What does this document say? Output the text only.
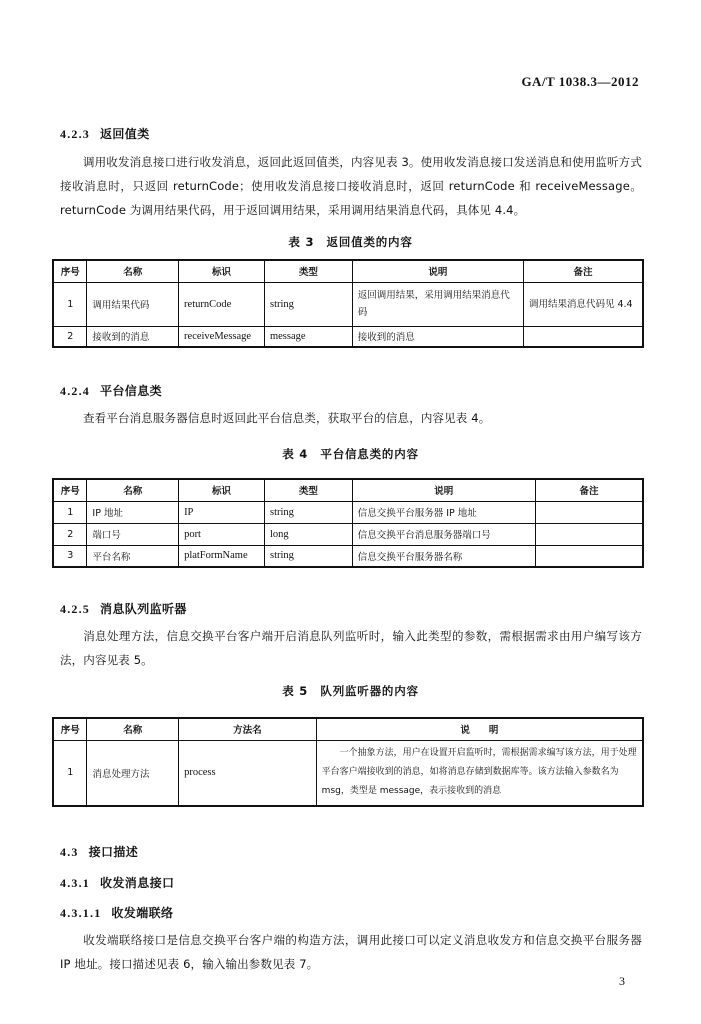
GA/T 1038.3—2012
4.2.3 返回值类
调用收发消息接口进行收发消息，返回此返回值类，内容见表 3。使用收发消息接口发送消息和使用监听方式接收消息时，只返回 returnCode；使用收发消息接口接收消息时，返回 returnCode 和 receiveMessage。returnCode 为调用结果代码，用于返回调用结果，采用调用结果消息代码，具体见 4.4。
表 3　返回值类的内容
序号	名称	标识	类型	说明	备注
1	调用结果代码	returnCode	string	返回调用结果，采用调用结果消息代码	调用结果消息代码见 4.4
2	接收到的消息	receiveMessage	message	接收到的消息	
4.2.4 平台信息类
查看平台消息服务器信息时返回此平台信息类，获取平台的信息，内容见表 4。
表 4　平台信息类的内容
序号	名称	标识	类型	说明	备注
1	IP 地址	IP	string	信息交换平台服务器 IP 地址	
2	端口号	port	long	信息交换平台消息服务器端口号	
3	平台名称	platFormName	string	信息交换平台服务器名称	
4.2.5 消息队列监听器
消息处理方法，信息交换平台客户端开启消息队列监听时，输入此类型的参数，需根据需求由用户编写该方法，内容见表 5。
表 5　队列监听器的内容
序号	名称	方法名	说　　明
1	消息处理方法	process	一个抽象方法，用户在设置开启监听时，需根据需求编写该方法，用于处理平台客户端接收到的消息，如将消息存储到数据库等。该方法输入参数名为 msg，类型是 message，表示接收到的消息
4.3 接口描述
4.3.1 收发消息接口
4.3.1.1 收发端联络
收发端联络接口是信息交换平台客户端的构造方法，调用此接口可以定义消息收发方和信息交换平台服务器 IP 地址。接口描述见表 6，输入输出参数见表 7。
3
